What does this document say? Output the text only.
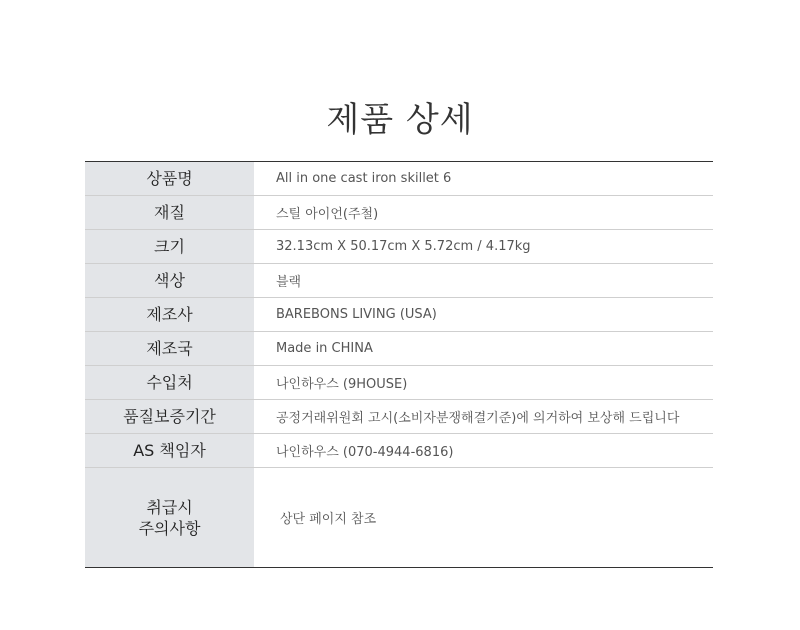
제품 상세
상품명	All in one cast iron skillet 6
재질	스틸 아이언(주철)
크기	32.13cm X 50.17cm X 5.72cm / 4.17kg
색상	블랙
제조사	BAREBONS LIVING (USA)
제조국	Made in CHINA
수입처	나인하우스 (9HOUSE)
품질보증기간	공정거래위원회 고시(소비자분쟁해결기준)에 의거하여 보상해 드립니다
AS 책임자	나인하우스 (070-4944-6816)
취급시
주의사항	상단 페이지 참조
